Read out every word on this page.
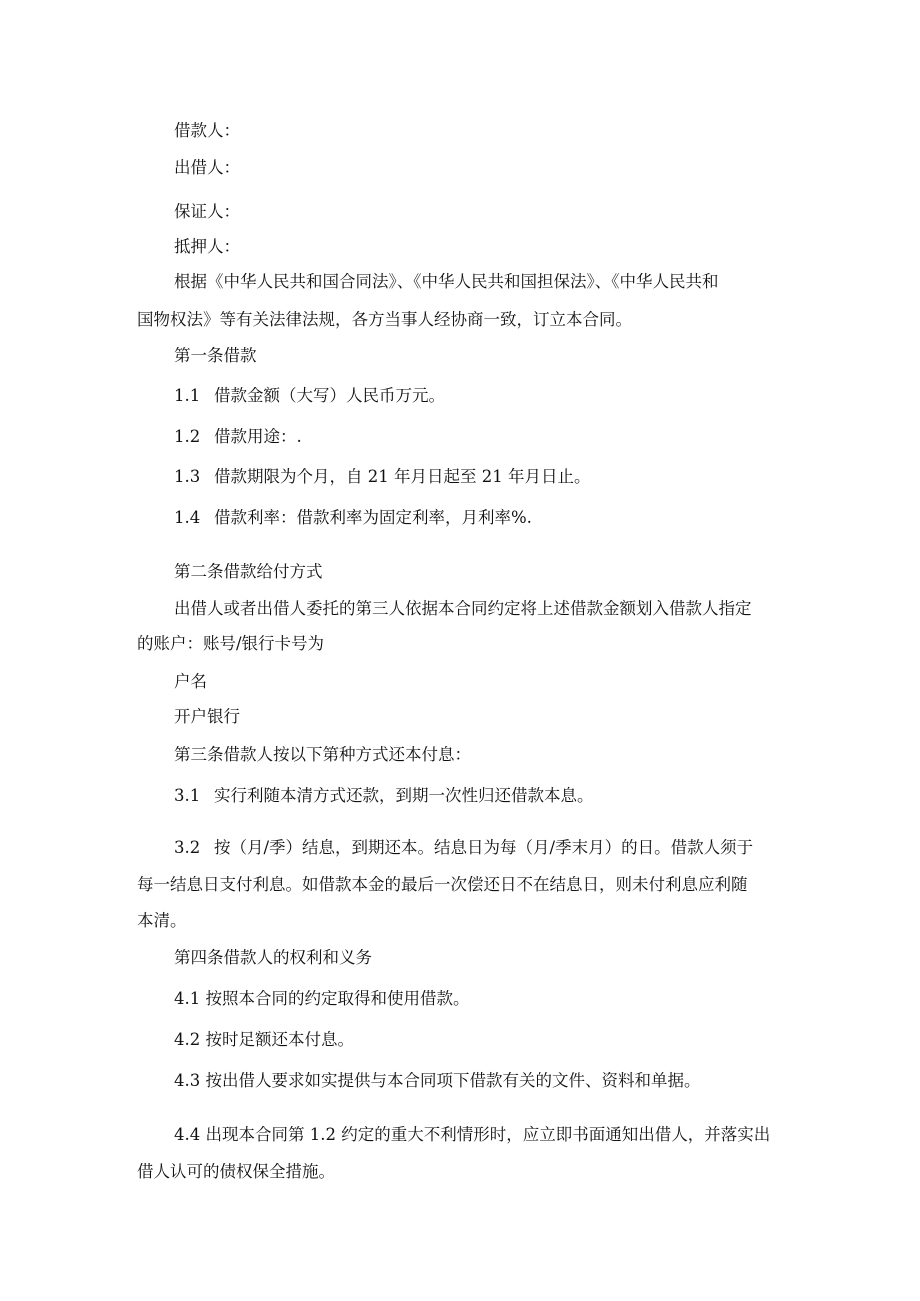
借款人：
出借人：
保证人：
抵押人：
根据《中华人民共和国合同法》、《中华人民共和国担保法》、《中华人民共和
国物权法》等有关法律法规，各方当事人经协商一致，订立本合同。
第一条借款
1.1 借款金额（大写）人民币万元。
1.2 借款用途：.
1.3 借款期限为个月，自 21 年月日起至 21 年月日止。
1.4 借款利率：借款利率为固定利率，月利率%.
第二条借款给付方式
出借人或者出借人委托的第三人依据本合同约定将上述借款金额划入借款人指定
的账户：账号/银行卡号为
户名
开户银行
第三条借款人按以下第种方式还本付息：
3.1 实行利随本清方式还款，到期一次性归还借款本息。
3.2 按（月/季）结息，到期还本。结息日为每（月/季末月）的日。借款人须于
每一结息日支付利息。如借款本金的最后一次偿还日不在结息日，则未付利息应利随
本清。
第四条借款人的权利和义务
4.1 按照本合同的约定取得和使用借款。
4.2 按时足额还本付息。
4.3 按出借人要求如实提供与本合同项下借款有关的文件、资料和单据。
4.4 出现本合同第 1.2 约定的重大不利情形时，应立即书面通知出借人，并落实出
借人认可的债权保全措施。
